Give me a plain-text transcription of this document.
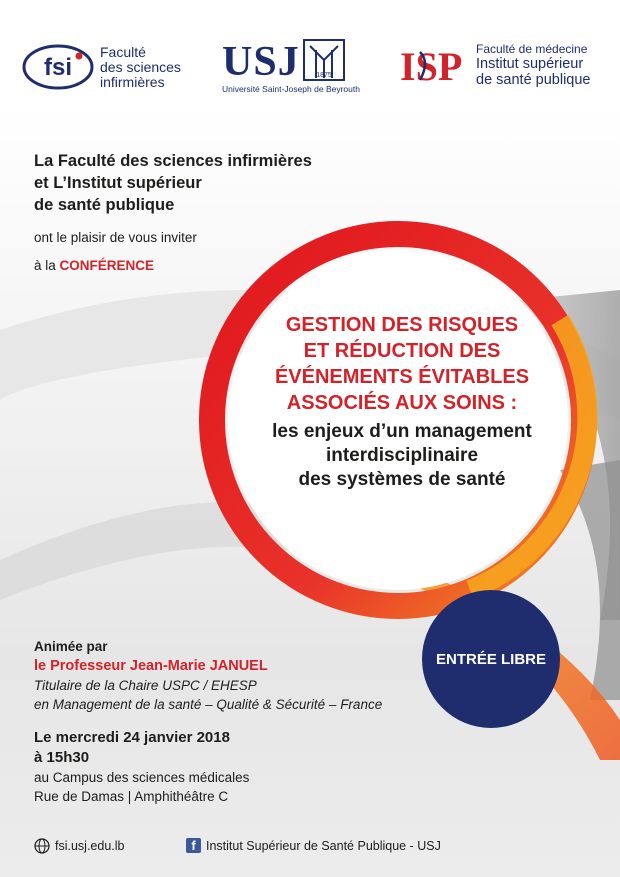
fsi
Faculté
des sciences
infirmières	USJ 1875
Université Saint-Joseph de Beyrouth	ISP Faculté de médecine
Institut supérieur
de santé publique

La Faculté des sciences infirmières

et L’Institut supérieur

de santé publique

ont le plaisir de vous inviter

à la CONFÉRENCE

GESTION DES RISQUES

ET RÉDUCTION DES

ÉVÉNEMENTS ÉVITABLES

ASSOCIÉS AUX SOINS :

les enjeux d’un management

interdisciplinaire

des systèmes de santé

ENTRÉE LIBRE

Animée par

le Professeur Jean-Marie JANUEL

Titulaire de la Chaire USPC / EHESP

en Management de la santé – Qualité & Sécurité – France

Le mercredi 24 janvier 2018

à 15h30

au Campus des sciences médicales

Rue de Damas | Amphithéâtre C

fsi.usj.edu.lb	f Institut Supérieur de Santé Publique - USJ
